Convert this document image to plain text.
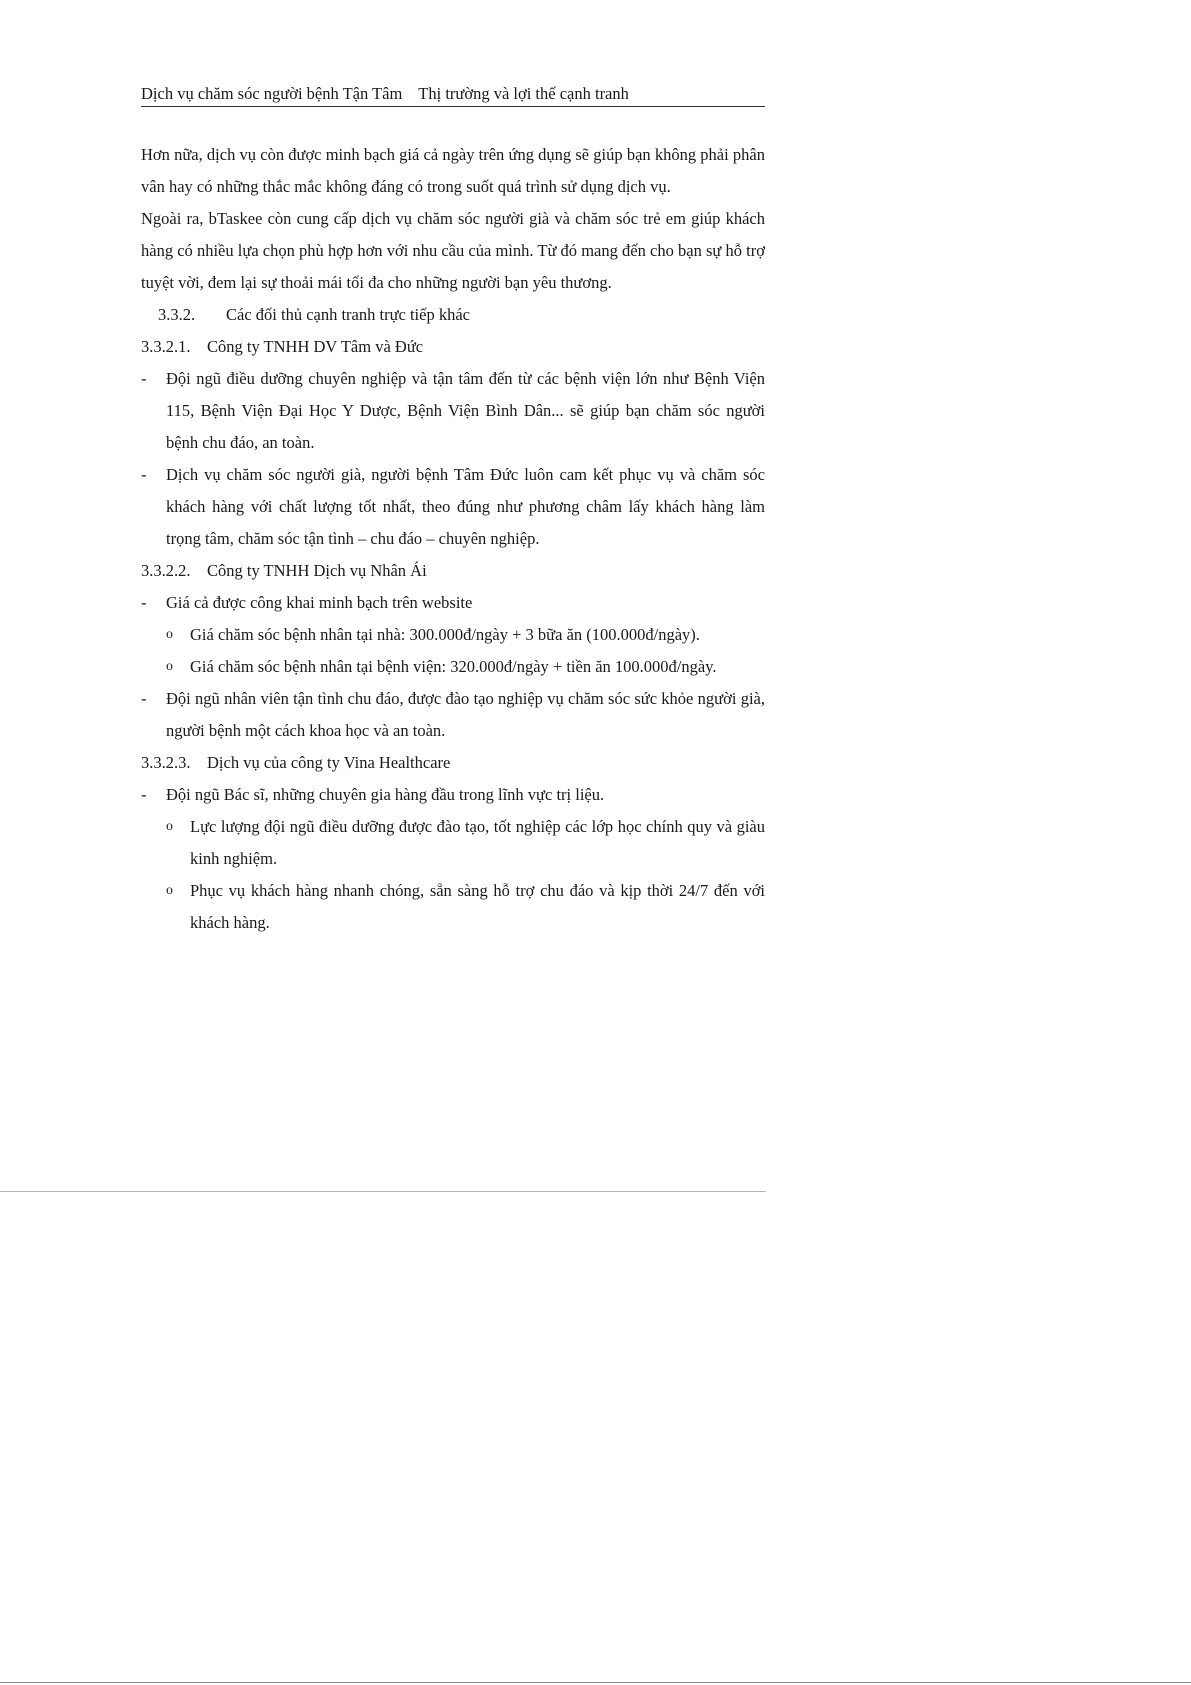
Dịch vụ chăm sóc người bệnh Tận Tâm Thị trường và lợi thế cạnh tranh

Hơn nữa, dịch vụ còn được minh bạch giá cả ngày trên ứng dụng sẽ giúp bạn không phải phân vân hay có những thắc mắc không đáng có trong suốt quá trình sử dụng dịch vụ.

Ngoài ra, bTaskee còn cung cấp dịch vụ chăm sóc người già và chăm sóc trẻ em giúp khách hàng có nhiều lựa chọn phù hợp hơn với nhu cầu của mình. Từ đó mang đến cho bạn sự hỗ trợ tuyệt vời, đem lại sự thoải mái tối đa cho những người bạn yêu thương.

3.3.2. Các đối thủ cạnh tranh trực tiếp khác

3.3.2.1. Công ty TNHH DV Tâm và Đức

- Đội ngũ điều dưỡng chuyên nghiệp và tận tâm đến từ các bệnh viện lớn như Bệnh Viện 115, Bệnh Viện Đại Học Y Dược, Bệnh Viện Bình Dân... sẽ giúp bạn chăm sóc người bệnh chu đáo, an toàn.

- Dịch vụ chăm sóc người già, người bệnh Tâm Đức luôn cam kết phục vụ và chăm sóc khách hàng với chất lượng tốt nhất, theo đúng như phương châm lấy khách hàng làm trọng tâm, chăm sóc tận tình – chu đáo – chuyên nghiệp.

3.3.2.2. Công ty TNHH Dịch vụ Nhân Ái

- Giá cả được công khai minh bạch trên website

o Giá chăm sóc bệnh nhân tại nhà: 300.000đ/ngày + 3 bữa ăn (100.000đ/ngày).

o Giá chăm sóc bệnh nhân tại bệnh viện: 320.000đ/ngày + tiền ăn 100.000đ/ngày.

- Đội ngũ nhân viên tận tình chu đáo, được đào tạo nghiệp vụ chăm sóc sức khỏe người già, người bệnh một cách khoa học và an toàn.

3.3.2.3. Dịch vụ của công ty Vina Healthcare

- Đội ngũ Bác sĩ, những chuyên gia hàng đầu trong lĩnh vực trị liệu.

o Lực lượng đội ngũ điều dưỡng được đào tạo, tốt nghiệp các lớp học chính quy và giàu kinh nghiệm.

o Phục vụ khách hàng nhanh chóng, sẵn sàng hỗ trợ chu đáo và kịp thời 24/7 đến với khách hàng.
